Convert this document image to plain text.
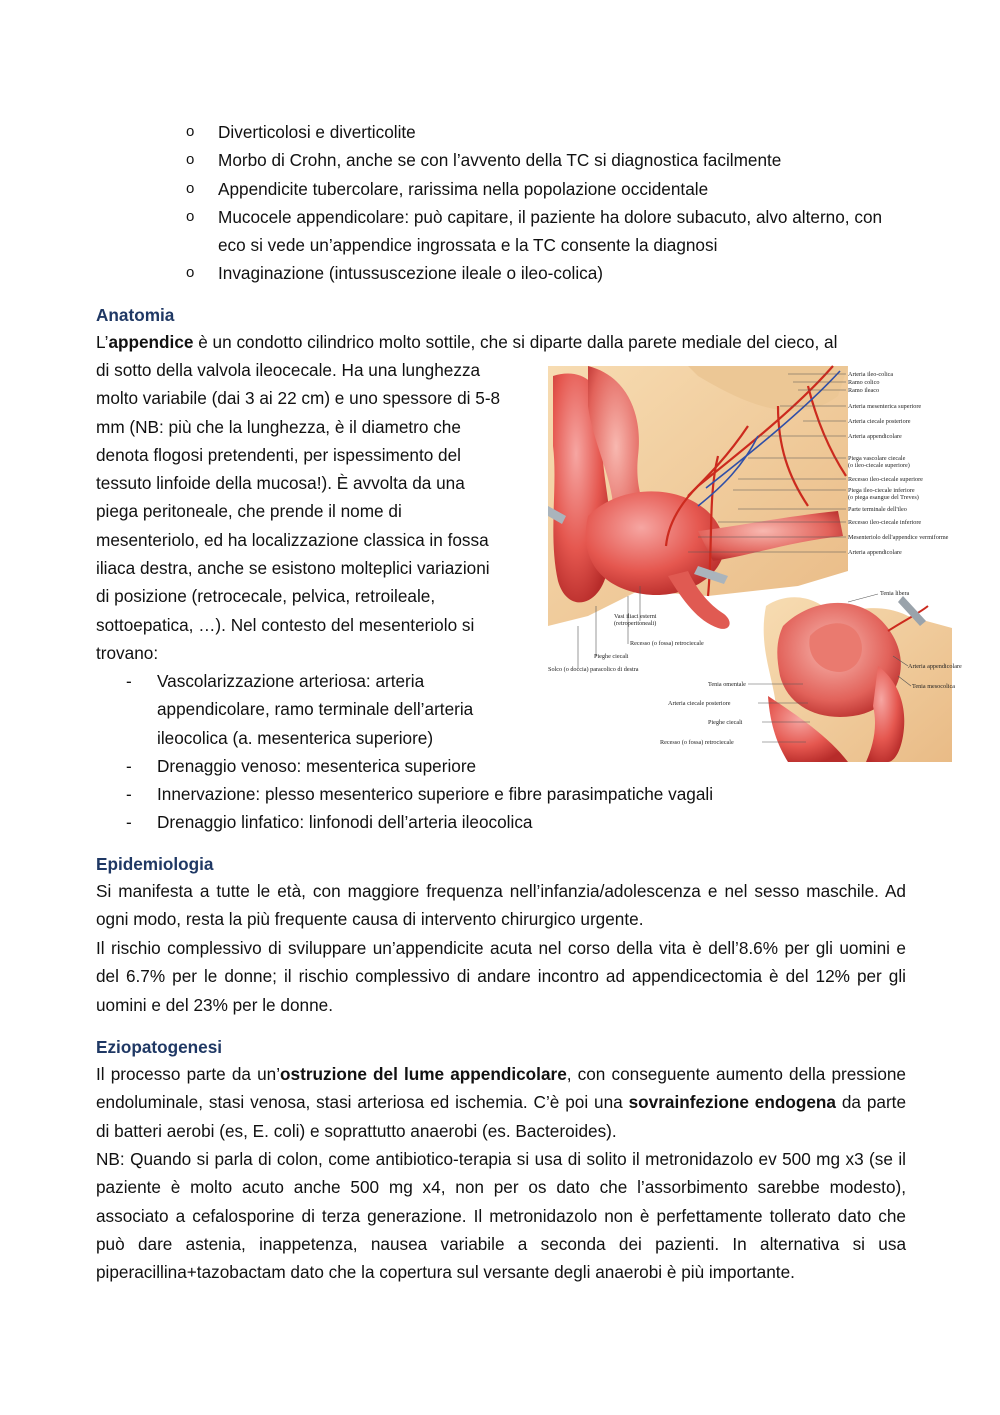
o Diverticolosi e diverticolite
o Morbo di Crohn, anche se con l’avvento della TC si diagnostica facilmente
o Appendicite tubercolare, rarissima nella popolazione occidentale
o Mucocele appendicolare: può capitare, il paziente ha dolore subacuto, alvo alterno, con eco si vede un’appendice ingrossata e la TC consente la diagnosi
o Invaginazione (intussuscezione ileale o ileo-colica)
Anatomia
L’appendice è un condotto cilindrico molto sottile, che si diparte dalla parete mediale del cieco, al
di sotto della valvola ileocecale. Ha una lunghezza
molto variabile (dai 3 ai 22 cm) e uno spessore di 5-8
mm (NB: più che la lunghezza, è il diametro che
denota flogosi pretendenti, per ispessimento del
tessuto linfoide della mucosa!). È avvolta da una
piega peritoneale, che prende il nome di
mesenteriolo, ed ha localizzazione classica in fossa
iliaca destra, anche se esistono molteplici variazioni
di posizione (retrocecale, pelvica, retroileale,
sottoepatica, …). Nel contesto del mesenteriolo si
trovano:
- Vascolarizzazione arteriosa: arteria
appendicolare, ramo terminale dell’arteria
ileocolica (a. mesenterica superiore)
- Drenaggio venoso: mesenterica superiore
- Innervazione: plesso mesenterico superiore e fibre parasimpatiche vagali
- Drenaggio linfatico: linfonodi dell’arteria ileocolica
Arteria ileo-colica
Ramo colico
Ramo ileaco
Arteria mesenterica superiore
Arteria ciecale posteriore
Arteria appendicolare
Piega vascolare ciecale
(o ileo-ciecale superiore)
Recesso ileo-ciecale superiore
Piega ileo-ciecale inferiore
(o piega esangue del Treves)
Parte terminale dell'ileo
Recesso ileo-ciecale inferiore
Mesenteriolo dell'appendice vermiforme
Arteria appendicolare
Vasi iliaci esterni
(retroperitoneali)
Recesso (o fossa) retrociecale
Pieghe ciecali
Solco (o doccia) paracolico di destra
Tenia libera
Arteria appendicolare
Tenia mesocolica
Tenia omentale
Arteria ciecale posteriore
Pieghe ciecali
Recesso (o fossa) retrociecale
Epidemiologia
Si manifesta a tutte le età, con maggiore frequenza nell’infanzia/adolescenza e nel sesso maschile. Ad ogni modo, resta la più frequente causa di intervento chirurgico urgente.
Il rischio complessivo di sviluppare un’appendicite acuta nel corso della vita è dell’8.6% per gli uomini e del 6.7% per le donne; il rischio complessivo di andare incontro ad appendicectomia è del 12% per gli uomini e del 23% per le donne.
Eziopatogenesi
Il processo parte da un’ostruzione del lume appendicolare, con conseguente aumento della pressione endoluminale, stasi venosa, stasi arteriosa ed ischemia. C’è poi una sovrainfezione endogena da parte di batteri aerobi (es, E. coli) e soprattutto anaerobi (es. Bacteroides).
NB: Quando si parla di colon, come antibiotico-terapia si usa di solito il metronidazolo ev 500 mg x3 (se il paziente è molto acuto anche 500 mg x4, non per os dato che l’assorbimento sarebbe modesto), associato a cefalosporine di terza generazione. Il metronidazolo non è perfettamente tollerato dato che può dare astenia, inappetenza, nausea variabile a seconda dei pazienti. In alternativa si usa piperacillina+tazobactam dato che la copertura sul versante degli anaerobi è più importante.
